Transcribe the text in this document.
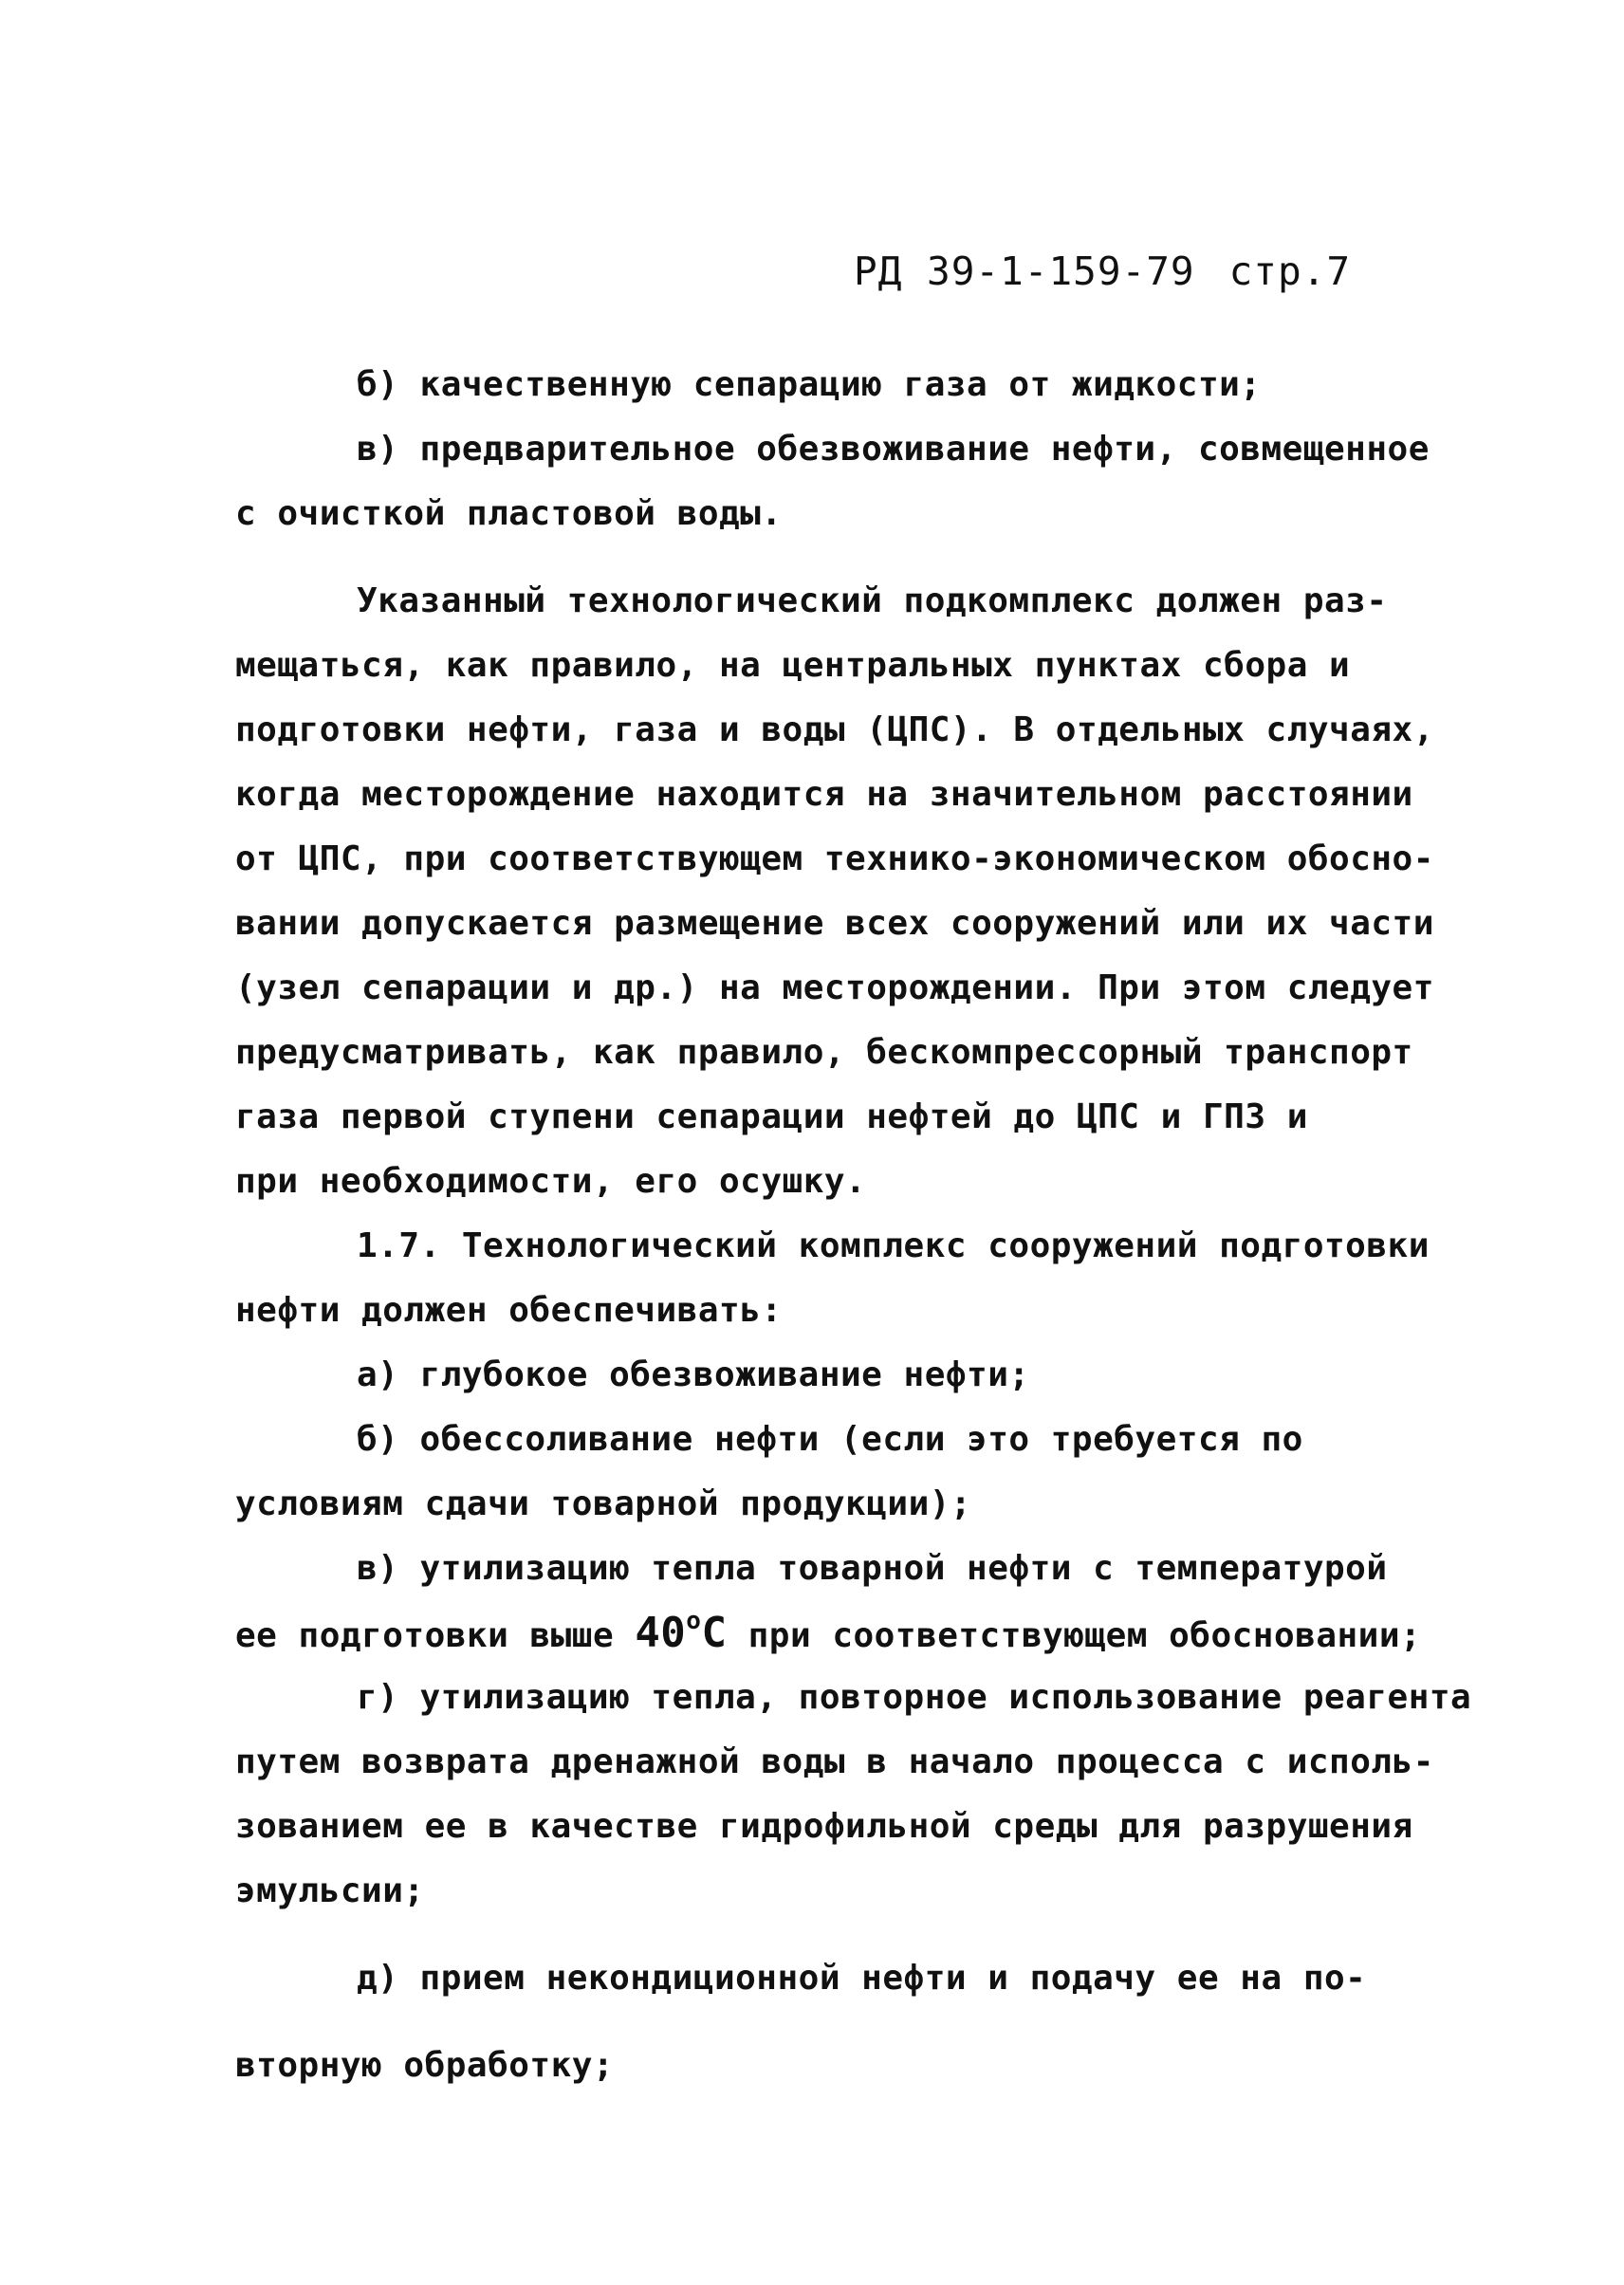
РД 39-1-159-79 стр.7
б) качественную сепарацию газа от жидкости;
в) предварительное обезвоживание нефти, совмещенное
с очисткой пластовой воды.
Указанный технологический подкомплекс должен раз-
мещаться, как правило, на центральных пунктах сбора и
подготовки нефти, газа и воды (ЦПС). В отдельных случаях,
когда месторождение находится на значительном расстоянии
от ЦПС, при соответствующем технико-экономическом обосно-
вании допускается размещение всех сооружений или их части
(узел сепарации и др.) на месторождении. При этом следует
предусматривать, как правило, бескомпрессорный транспорт
газа первой ступени сепарации нефтей до ЦПС и ГПЗ и
при необходимости, его осушку.
1.7. Технологический комплекс сооружений подготовки
нефти должен обеспечивать:
а) глубокое обезвоживание нефти;
б) обессоливание нефти (если это требуется по
условиям сдачи товарной продукции);
в) утилизацию тепла товарной нефти с температурой
ее подготовки выше 40$^o$C при соответствующем обосновании;
г) утилизацию тепла, повторное использование реагента
путем возврата дренажной воды в начало процесса с исполь-
зованием ее в качестве гидрофильной среды для разрушения
эмульсии;
д) прием некондиционной нефти и подачу ее на по-
вторную обработку;
